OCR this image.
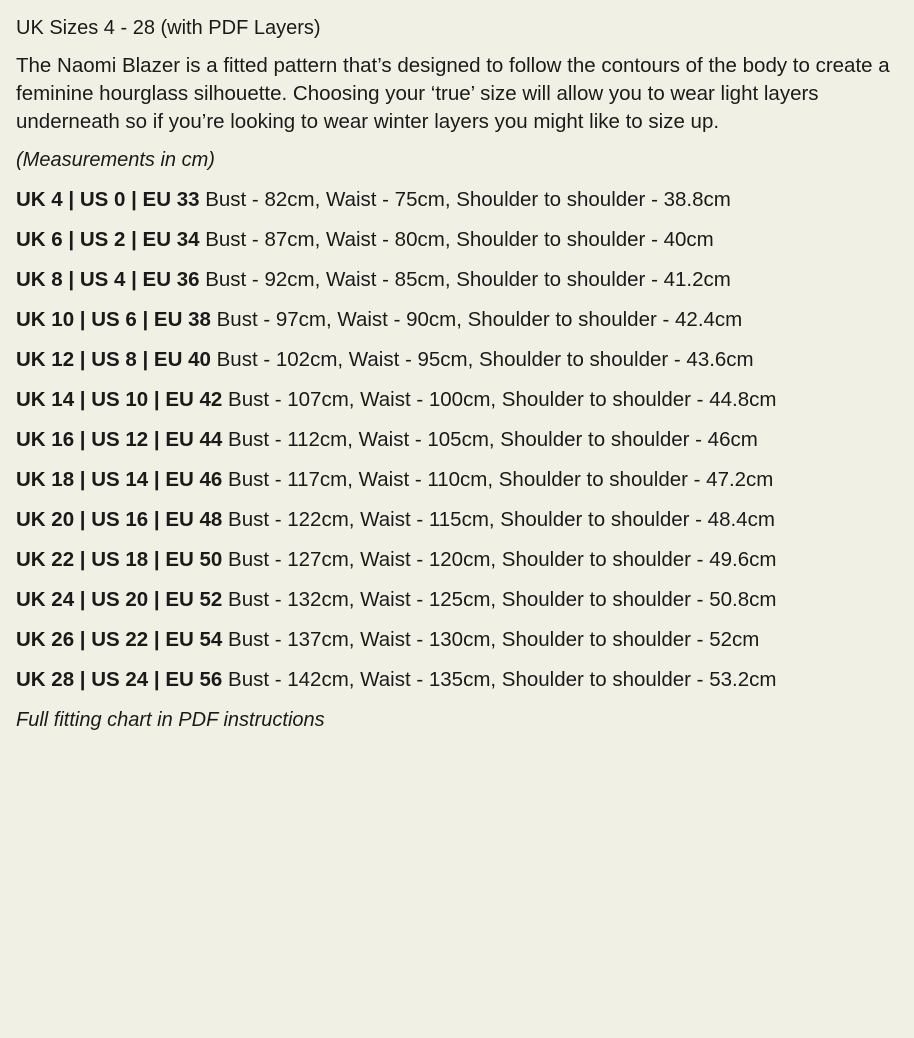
UK Sizes 4 - 28 (with PDF Layers)
The Naomi Blazer is a fitted pattern that’s designed to follow the contours of the body to create a feminine hourglass silhouette. Choosing your ‘true’ size will allow you to wear light layers underneath so if you’re looking to wear winter layers you might like to size up.
(Measurements in cm)
UK 4 | US 0 | EU 33 Bust - 82cm, Waist - 75cm, Shoulder to shoulder - 38.8cm
UK 6 | US 2 | EU 34 Bust - 87cm, Waist - 80cm, Shoulder to shoulder - 40cm
UK 8 | US 4 | EU 36 Bust - 92cm, Waist - 85cm, Shoulder to shoulder - 41.2cm
UK 10 | US 6 | EU 38 Bust - 97cm, Waist - 90cm, Shoulder to shoulder - 42.4cm
UK 12 | US 8 | EU 40 Bust - 102cm, Waist - 95cm, Shoulder to shoulder - 43.6cm
UK 14 | US 10 | EU 42 Bust - 107cm, Waist - 100cm, Shoulder to shoulder - 44.8cm
UK 16 | US 12 | EU 44 Bust - 112cm, Waist - 105cm, Shoulder to shoulder - 46cm
UK 18 | US 14 | EU 46 Bust - 117cm, Waist - 110cm, Shoulder to shoulder - 47.2cm
UK 20 | US 16 | EU 48 Bust - 122cm, Waist - 115cm, Shoulder to shoulder - 48.4cm
UK 22 | US 18 | EU 50 Bust - 127cm, Waist - 120cm, Shoulder to shoulder - 49.6cm
UK 24 | US 20 | EU 52 Bust - 132cm, Waist - 125cm, Shoulder to shoulder - 50.8cm
UK 26 | US 22 | EU 54 Bust - 137cm, Waist - 130cm, Shoulder to shoulder - 52cm
UK 28 | US 24 | EU 56 Bust - 142cm, Waist - 135cm, Shoulder to shoulder - 53.2cm
Full fitting chart in PDF instructions
